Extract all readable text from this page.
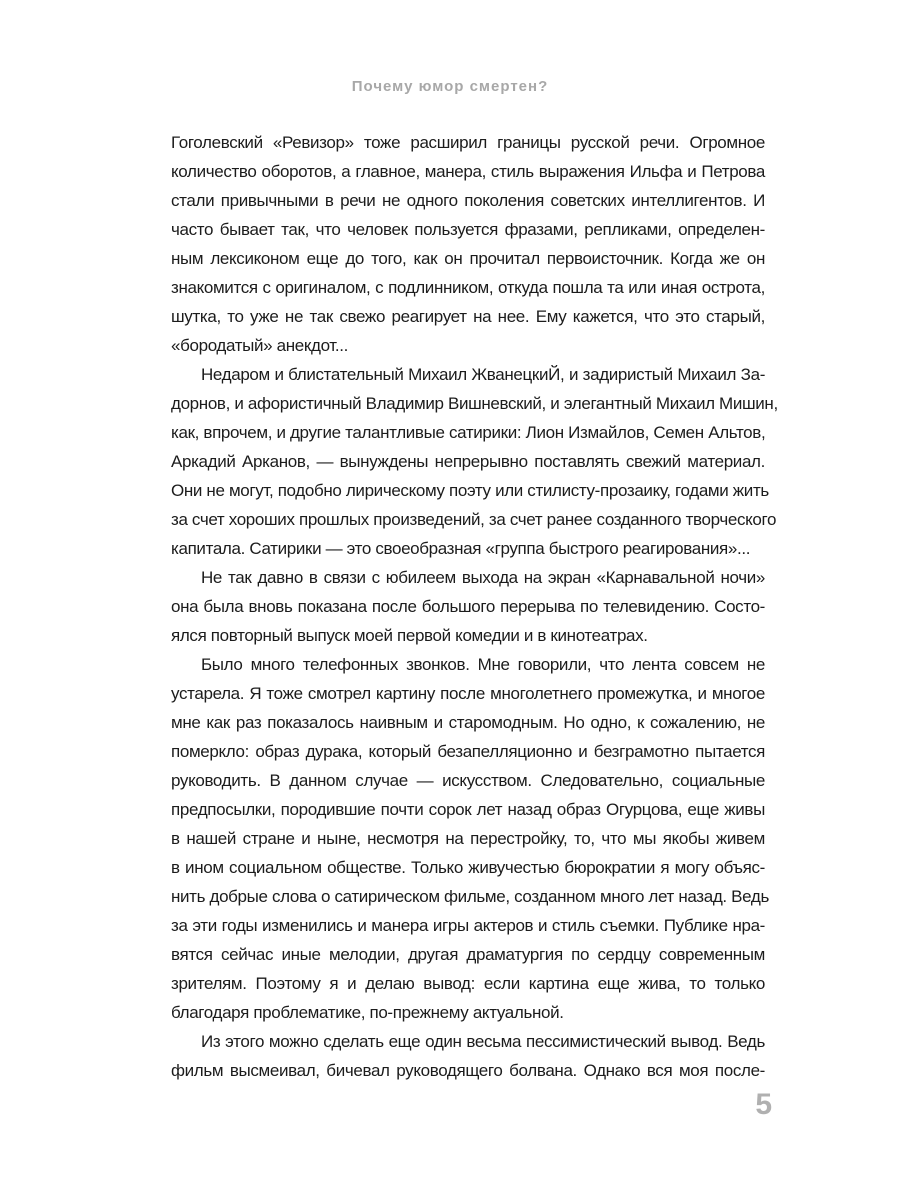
Почему юмор смертен?

Гоголевский «Ревизор» тоже расширил границы русской речи. Огромное

количество оборотов, а главное, манера, стиль выражения Ильфа и Петрова

стали привычными в речи не одного поколения советских интеллигентов. И

часто бывает так, что человек пользуется фразами, репликами, определен-

ным лексиконом еще до того, как он прочитал первоисточник. Когда же он

знакомится с оригиналом, с подлинником, откуда пошла та или иная острота,

шутка, то уже не так свежо реагирует на нее. Ему кажется, что это старый,

«бородатый» анекдот...

Недаром и блистательный Михаил ЖванецкиЙ, и задиристый Михаил За-

дорнов, и афористичный Владимир Вишневский, и элегантный Михаил Мишин,

как, впрочем, и другие талантливые сатирики: Лион Измайлов, Семен Альтов,

Аркадий Арканов, — вынуждены непрерывно поставлять свежий материал.

Они не могут, подобно лирическому поэту или стилисту-прозаику, годами жить

за счет хороших прошлых произведений, за счет ранее созданного творческого

капитала. Сатирики — это своеобразная «группа быстрого реагирования»...

Не так давно в связи с юбилеем выхода на экран «Карнавальной ночи»

она была вновь показана после большого перерыва по телевидению. Состо-

ялся повторный выпуск моей первой комедии и в кинотеатрах.

Было много телефонных звонков. Мне говорили, что лента совсем не

устарела. Я тоже смотрел картину после многолетнего промежутка, и многое

мне как раз показалось наивным и старомодным. Но одно, к сожалению, не

померкло: образ дурака, который безапелляционно и безграмотно пытается

руководить. В данном случае — искусством. Следовательно, социальные

предпосылки, породившие почти сорок лет назад образ Огурцова, еще живы

в нашей стране и ныне, несмотря на перестройку, то, что мы якобы живем

в ином социальном обществе. Только живучестью бюрократии я могу объяс-

нить добрые слова о сатирическом фильме, созданном много лет назад. Ведь

за эти годы изменились и манера игры актеров и стиль съемки. Публике нра-

вятся сейчас иные мелодии, другая драматургия по сердцу современным

зрителям. Поэтому я и делаю вывод: если картина еще жива, то только

благодаря проблематике, по-прежнему актуальной.

Из этого можно сделать еще один весьма пессимистический вывод. Ведь

фильм высмеивал, бичевал руководящего болвана. Однако вся моя после-

5
